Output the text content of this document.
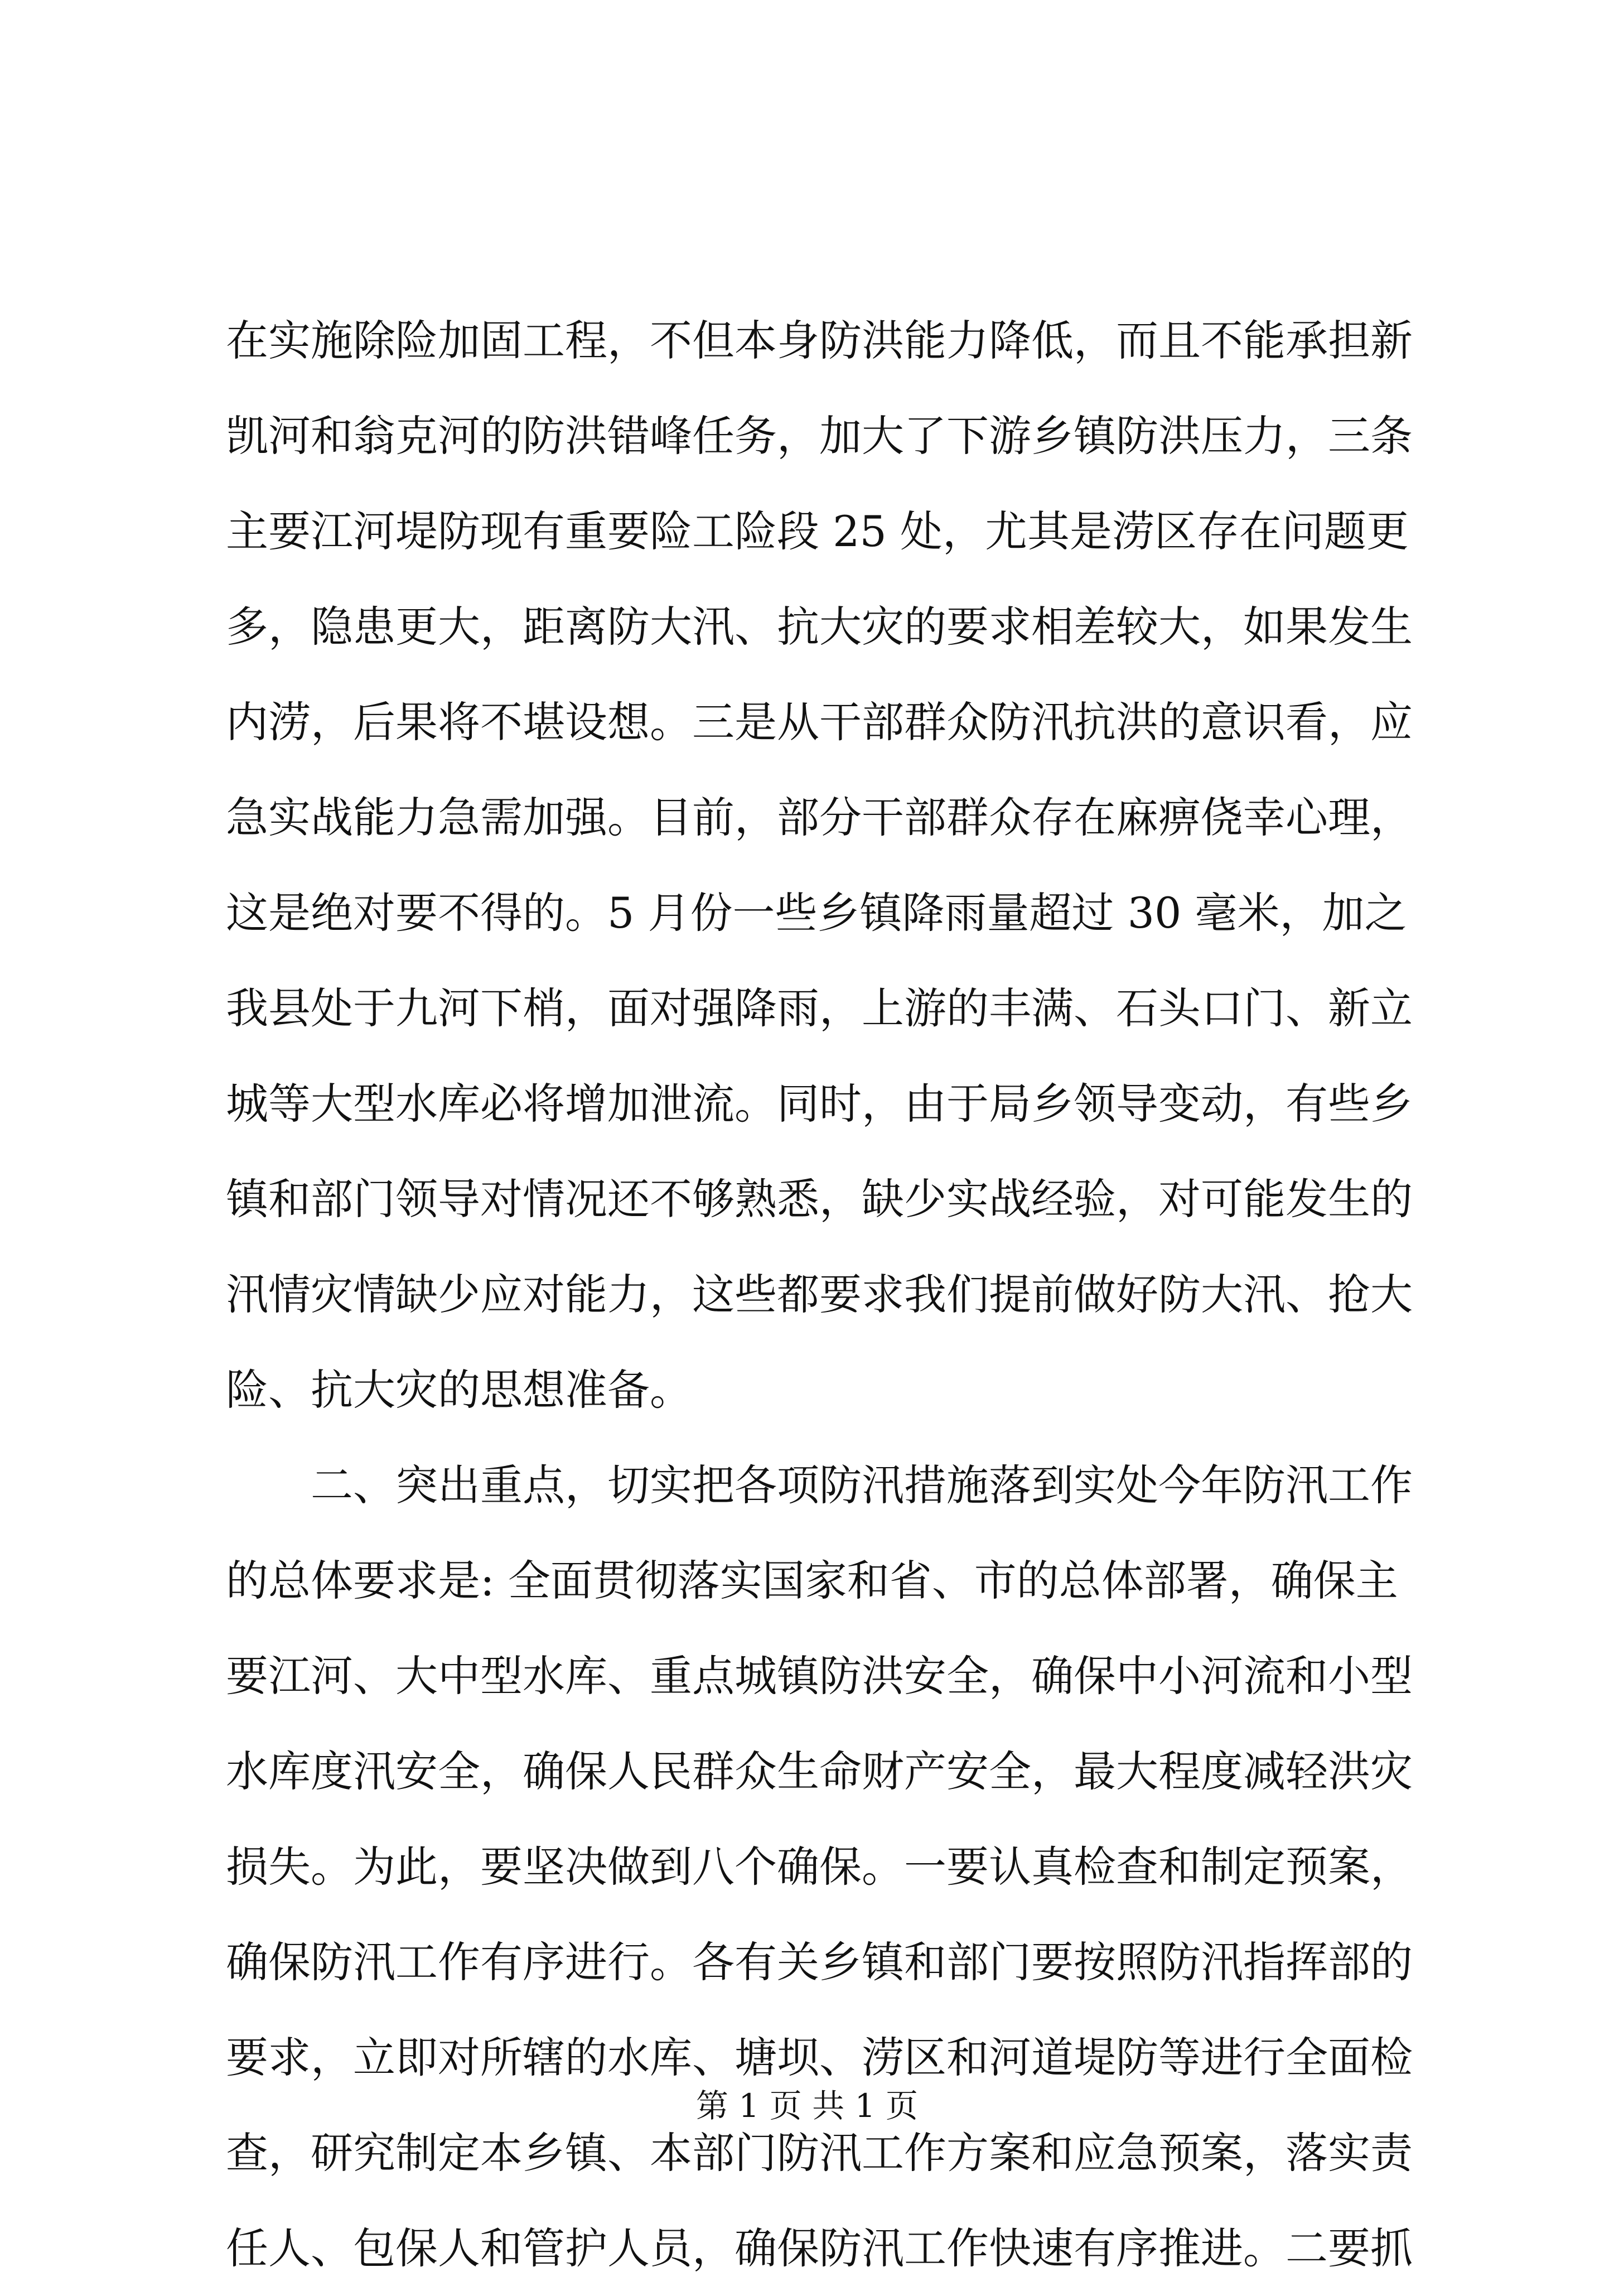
在实施除险加固工程，不但本身防洪能力降低，而且不能承担新
凯河和翁克河的防洪错峰任务，加大了下游乡镇防洪压力，三条
主要江河堤防现有重要险工险段 25 处，尤其是涝区存在问题更
多，隐患更大，距离防大汛、抗大灾的要求相差较大，如果发生
内涝，后果将不堪设想。三是从干部群众防汛抗洪的意识看，应
急实战能力急需加强。目前，部分干部群众存在麻痹侥幸心理，
这是绝对要不得的。5 月份一些乡镇降雨量超过 30 毫米，加之
我县处于九河下梢，面对强降雨，上游的丰满、石头口门、新立
城等大型水库必将增加泄流。同时，由于局乡领导变动，有些乡
镇和部门领导对情况还不够熟悉，缺少实战经验，对可能发生的
汛情灾情缺少应对能力，这些都要求我们提前做好防大汛、抢大
险、抗大灾的思想准备。
二、突出重点，切实把各项防汛措施落到实处今年防汛工作
的总体要求是: 全面贯彻落实国家和省、市的总体部署，确保主
要江河、大中型水库、重点城镇防洪安全，确保中小河流和小型
水库度汛安全，确保人民群众生命财产安全，最大程度减轻洪灾
损失。为此，要坚决做到八个确保。一要认真检查和制定预案，
确保防汛工作有序进行。各有关乡镇和部门要按照防汛指挥部的
要求，立即对所辖的水库、塘坝、涝区和河道堤防等进行全面检
查，研究制定本乡镇、本部门防汛工作方案和应急预案，落实责
任人、包保人和管护人员，确保防汛工作快速有序推进。二要抓
第 1 页 共 1 页
